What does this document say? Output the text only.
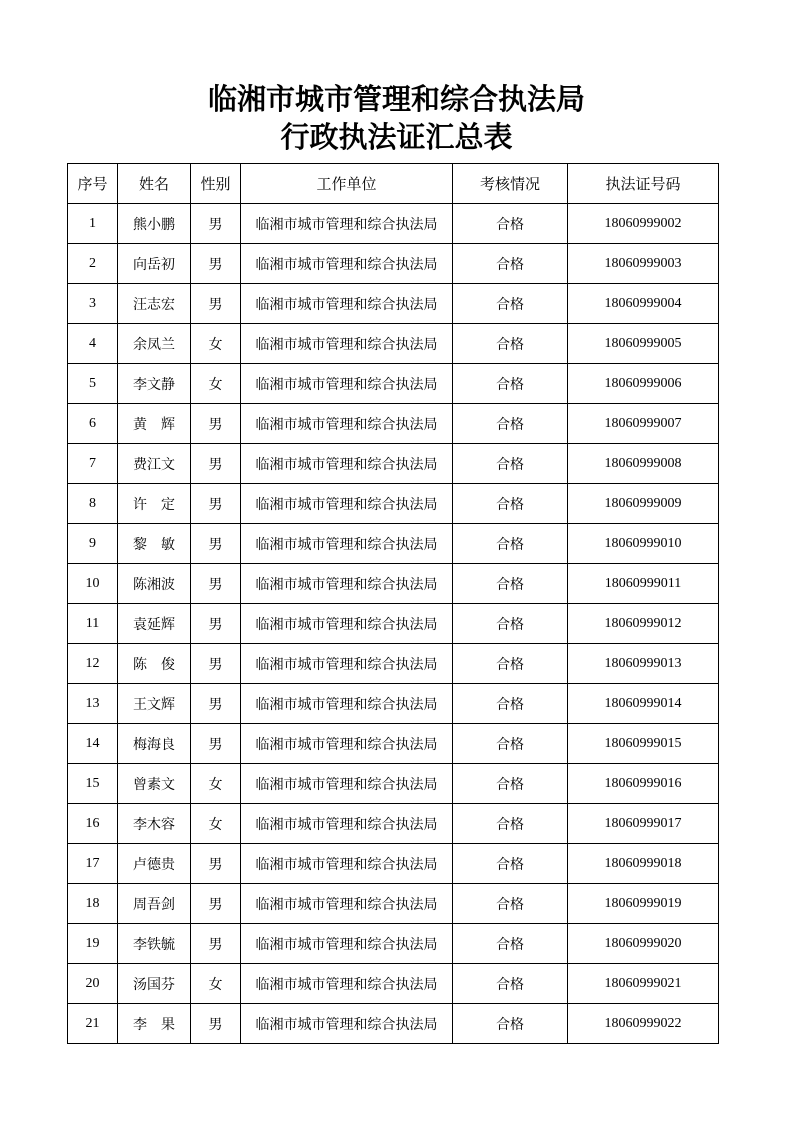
临湘市城市管理和综合执法局
行政执法证汇总表
序号	姓名	性别	工作单位	考核情况	执法证号码
1	熊小鹏	男	临湘市城市管理和综合执法局	合格	18060999002
2	向岳初	男	临湘市城市管理和综合执法局	合格	18060999003
3	汪志宏	男	临湘市城市管理和综合执法局	合格	18060999004
4	余凤兰	女	临湘市城市管理和综合执法局	合格	18060999005
5	李文静	女	临湘市城市管理和综合执法局	合格	18060999006
6	黄　辉	男	临湘市城市管理和综合执法局	合格	18060999007
7	费江文	男	临湘市城市管理和综合执法局	合格	18060999008
8	许　定	男	临湘市城市管理和综合执法局	合格	18060999009
9	黎　敏	男	临湘市城市管理和综合执法局	合格	18060999010
10	陈湘波	男	临湘市城市管理和综合执法局	合格	18060999011
11	袁延辉	男	临湘市城市管理和综合执法局	合格	18060999012
12	陈　俊	男	临湘市城市管理和综合执法局	合格	18060999013
13	王文辉	男	临湘市城市管理和综合执法局	合格	18060999014
14	梅海良	男	临湘市城市管理和综合执法局	合格	18060999015
15	曾素文	女	临湘市城市管理和综合执法局	合格	18060999016
16	李木容	女	临湘市城市管理和综合执法局	合格	18060999017
17	卢德贵	男	临湘市城市管理和综合执法局	合格	18060999018
18	周吾剑	男	临湘市城市管理和综合执法局	合格	18060999019
19	李铁毓	男	临湘市城市管理和综合执法局	合格	18060999020
20	汤国芬	女	临湘市城市管理和综合执法局	合格	18060999021
21	李　果	男	临湘市城市管理和综合执法局	合格	18060999022
